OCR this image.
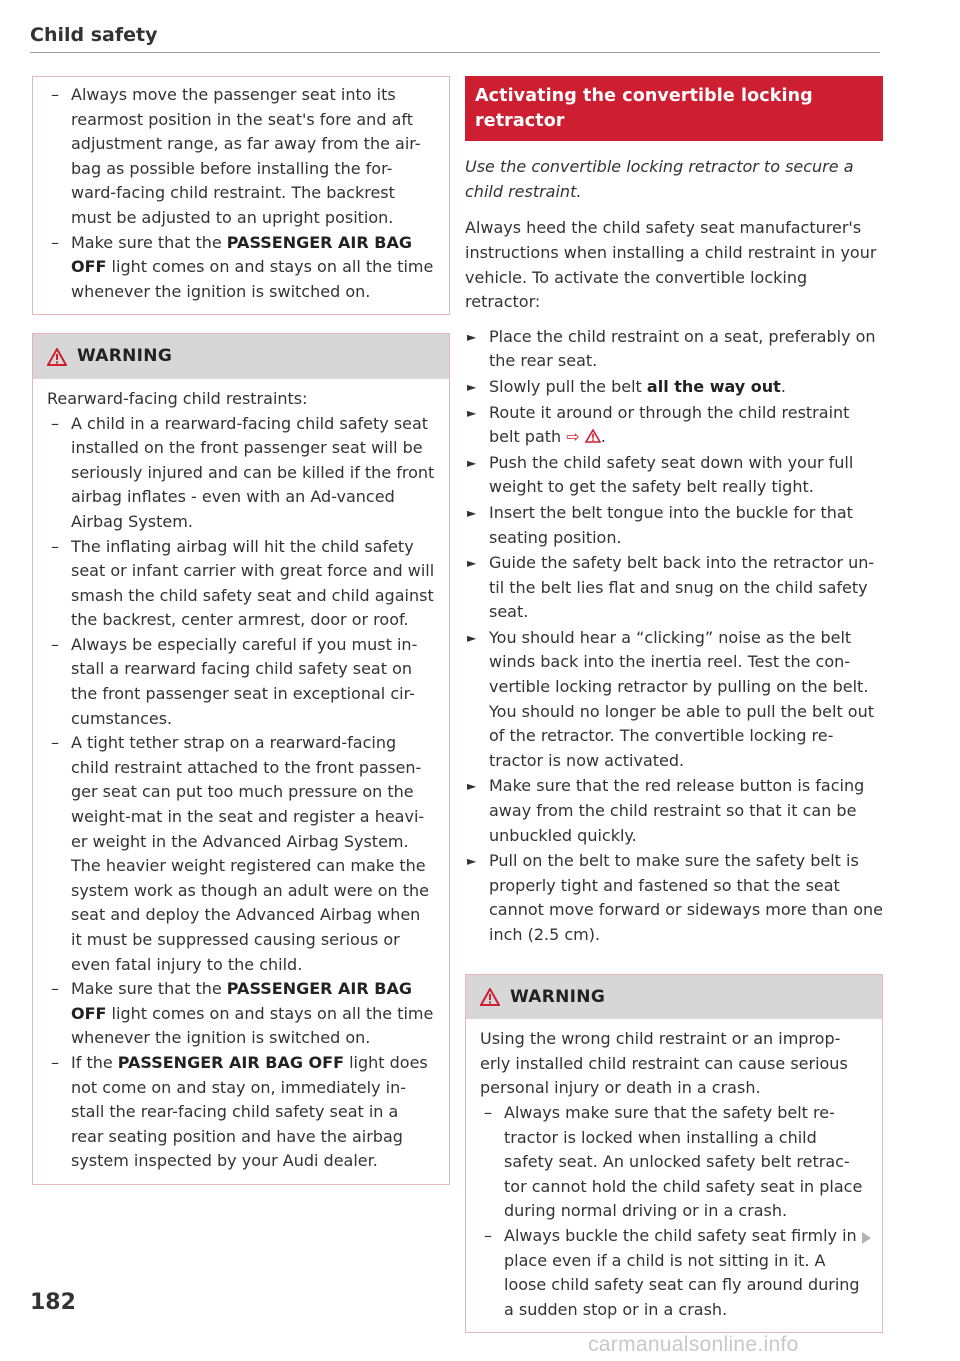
Child safety
– Always move the passenger seat into its rearmost position in the seat's fore and aft adjustment range, as far away from the air-bag as possible before installing the for-ward-facing child restraint. The backrest must be adjusted to an upright position.
– Make sure that the PASSENGER AIR BAG OFF light comes on and stays on all the time whenever the ignition is switched on.
WARNING
Rearward-facing child restraints:
– A child in a rearward-facing child safety seat installed on the front passenger seat will be seriously injured and can be killed if the front airbag inflates - even with an Ad-vanced Airbag System.
– The inflating airbag will hit the child safety seat or infant carrier with great force and will smash the child safety seat and child against the backrest, center armrest, door or roof.
– Always be especially careful if you must in-stall a rearward facing child safety seat on the front passenger seat in exceptional cir-cumstances.
– A tight tether strap on a rearward-facing child restraint attached to the front passen-ger seat can put too much pressure on the weight-mat in the seat and register a heavi-er weight in the Advanced Airbag System. The heavier weight registered can make the system work as though an adult were on the seat and deploy the Advanced Airbag when it must be suppressed causing serious or even fatal injury to the child.
– Make sure that the PASSENGER AIR BAG OFF light comes on and stays on all the time whenever the ignition is switched on.
– If the PASSENGER AIR BAG OFF light does not come on and stay on, immediately in-stall the rear-facing child safety seat in a rear seating position and have the airbag system inspected by your Audi dealer.
Activating the convertible locking retractor
Use the convertible locking retractor to secure a child restraint.
Always heed the child safety seat manufacturer's instructions when installing a child restraint in your vehicle. To activate the convertible locking retractor:
► Place the child restraint on a seat, preferably on the rear seat.
► Slowly pull the belt all the way out.
► Route it around or through the child restraint belt path ⇨ .
► Push the child safety seat down with your full weight to get the safety belt really tight.
► Insert the belt tongue into the buckle for that seating position.
► Guide the safety belt back into the retractor un-til the belt lies flat and snug on the child safety seat.
► You should hear a “clicking” noise as the belt winds back into the inertia reel. Test the con-vertible locking retractor by pulling on the belt. You should no longer be able to pull the belt out of the retractor. The convertible locking re-tractor is now activated.
► Make sure that the red release button is facing away from the child restraint so that it can be unbuckled quickly.
► Pull on the belt to make sure the safety belt is properly tight and fastened so that the seat cannot move forward or sideways more than one inch (2.5 cm).
WARNING
Using the wrong child restraint or an improp-erly installed child restraint can cause serious personal injury or death in a crash.
– Always make sure that the safety belt re-tractor is locked when installing a child safety seat. An unlocked safety belt retrac-tor cannot hold the child safety seat in place during normal driving or in a crash.
– Always buckle the child safety seat firmly in place even if a child is not sitting in it. A loose child safety seat can fly around during a sudden stop or in a crash.
182
carmanualsonline.info
